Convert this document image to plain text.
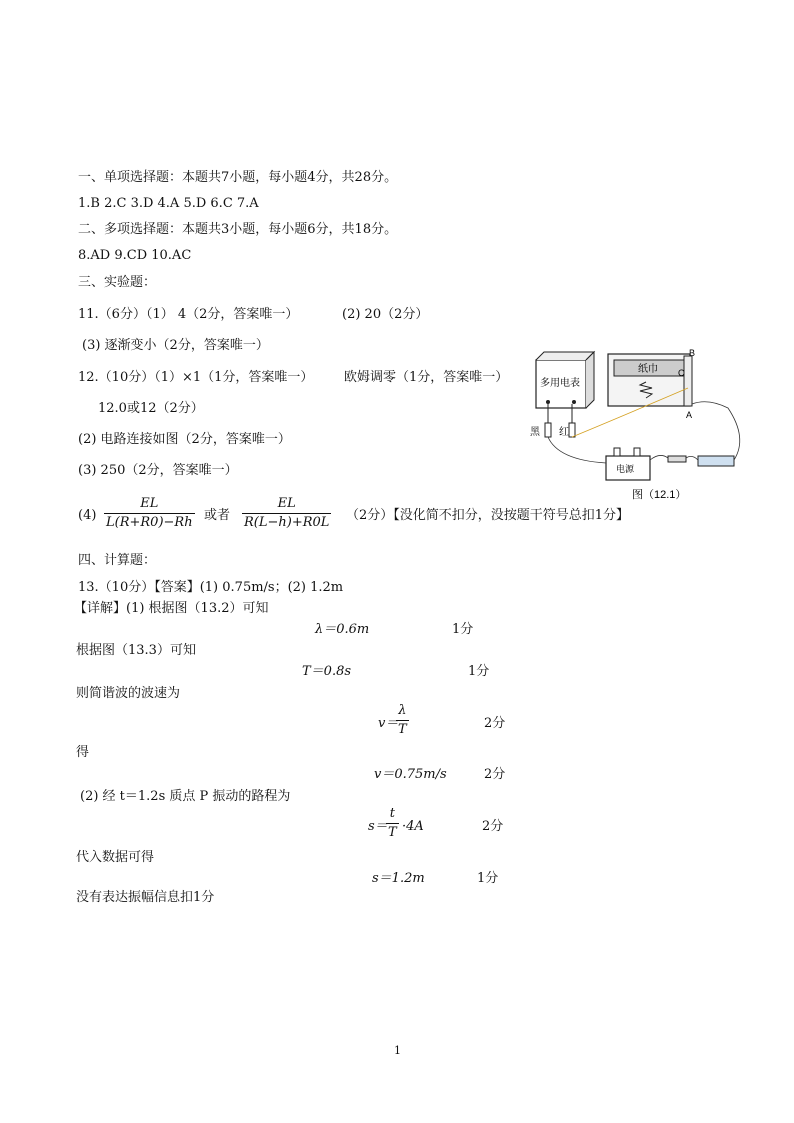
一、单项选择题：本题共7小题，每小题4分，共28分。
1.B 2.C 3.D 4.A 5.D 6.C 7.A
二、多项选择题：本题共3小题，每小题6分，共18分。
8.AD 9.CD 10.AC
三、实验题：
11.（6分）（1） 4（2分，答案唯一）	(2) 20（2分）
(3) 逐渐变小（2分，答案唯一）
12.（10分）（1）×1（1分，答案唯一） 欧姆调零（1分，答案唯一）
12.0或12（2分）
(2) 电路连接如图（2分，答案唯一）
(3) 250（2分，答案唯一）
(4)
EL
L(R+R0)−Rh 或者
EL
R(L−h)+R0L （2分）【没化简不扣分，没按题干符号总扣1分】
多用电表
黑 红
纸巾
B
C
A
电源
图（12.1）
四、计算题：
13.（10分）【答案】(1) 0.75m/s；(2) 1.2m
【详解】(1) 根据图（13.2）可知
λ＝0.6m	1分
根据图（13.3）可知
T＝0.8s	1分
则简谐波的波速为
v＝
λ
T	2分
得
v＝0.75m/s	2分
(2) 经 t＝1.2s 质点 P 振动的路程为
s＝
t
T ·4A	2分
代入数据可得
s＝1.2m	1分
没有表达振幅信息扣1分
1
